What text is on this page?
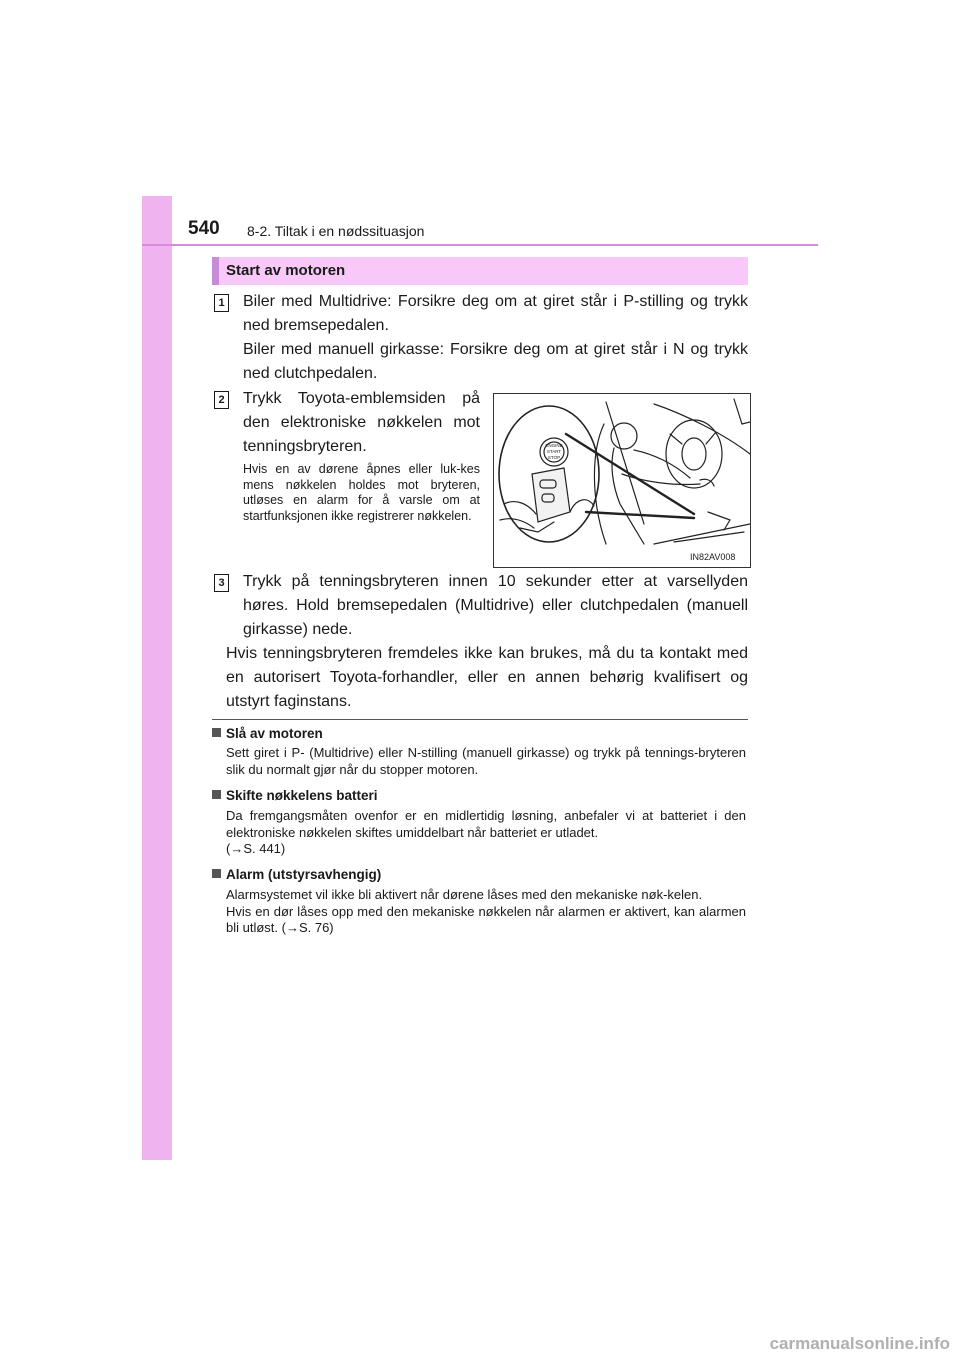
540 8-2. Tiltak i en nødssituasjon
Start av motoren
1 Biler med Multidrive: Forsikre deg om at giret står i P-stilling og trykk ned bremsepedalen.
Biler med manuell girkasse: Forsikre deg om at giret står i N og trykk ned clutchpedalen.
2 Trykk Toyota-emblemsiden på den elektroniske nøkkelen mot tenningsbryteren.
Hvis en av dørene åpnes eller luk-kes mens nøkkelen holdes mot bryteren, utløses en alarm for å varsle om at startfunksjonen ikke registrerer nøkkelen.
ENGINE
START
STOP
IN82AV008
3 Trykk på tenningsbryteren innen 10 sekunder etter at varsellyden høres. Hold bremsepedalen (Multidrive) eller clutchpedalen (manuell girkasse) nede.
Hvis tenningsbryteren fremdeles ikke kan brukes, må du ta kontakt med en autorisert Toyota-forhandler, eller en annen behørig kvalifisert og utstyrt faginstans.
Slå av motoren

Sett giret i P- (Multidrive) eller N-stilling (manuell girkasse) og trykk på tennings-bryteren slik du normalt gjør når du stopper motoren.

Skifte nøkkelens batteri

Da fremgangsmåten ovenfor er en midlertidig løsning, anbefaler vi at batteriet i den elektroniske nøkkelen skiftes umiddelbart når batteriet er utladet.

(→S. 441)

Alarm (utstyrsavhengig)

Alarmsystemet vil ikke bli aktivert når dørene låses med den mekaniske nøk-kelen.

Hvis en dør låses opp med den mekaniske nøkkelen når alarmen er aktivert, kan alarmen bli utløst. (→S. 76)

carmanualsonline.info
